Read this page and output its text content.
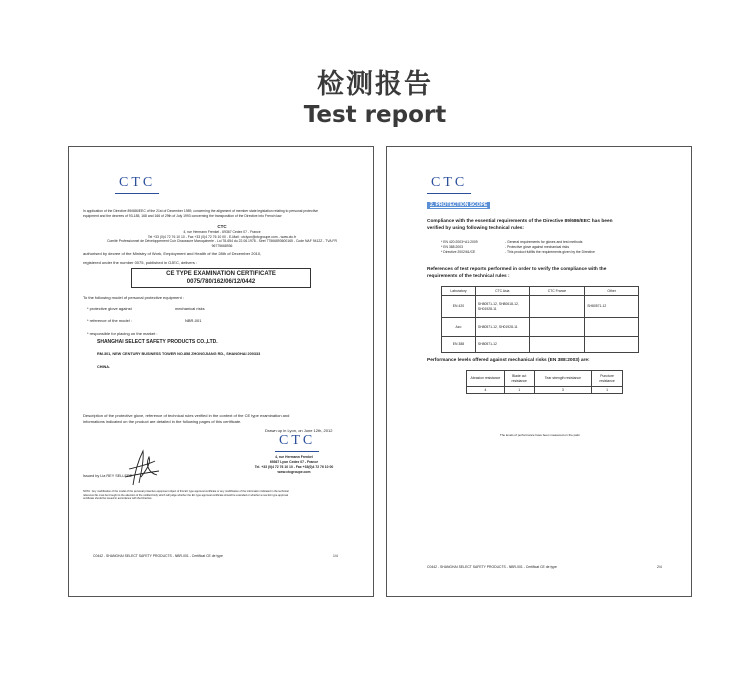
检测报告
Test report
CTC
In application of the Directive 89/686/EEC of the 21st of December 1989, concerning the alignment of member state legislation relating to personal protective
equipment and the decrees of 93-185, 168 and 166 of 29th of July 1993 concerning the transposition of the Directive into French law
CTC
4, rue Hermann Frenkel - 69367 Cedex 07 - France
Tel +33 (0)4 72 76 10 10 - Fax +33 (0)4 72 76 10 00 - E-Mail : ctclyon@ctcgroupe.com - www.ctc.fr
Comité Professionnel de Développement Cuir Chaussure Maroquinerie - Loi 78-654 du 22.06.1978 - Siret 77566893600165 - Code NAF 9412Z - TVA FR
96775668936
authorised by decree of the Ministry of Work, Employment and Health of the 28th of December 2010,
registered under the number 0075, published in OJEC, delivers :
CE TYPE EXAMINATION CERTIFICATE
0075/780/162/06/12/0442
To the following model of personal protective equipment :
* protective glove against	mechanical risks
* reference of the model :	NBR-001
* responsible for placing on the market :
SHANGHAI SELECT SAFETY PRODUCTS CO.,LTD.
RM.301, NEW CENTURY BUSINESS TOWER NO.858 ZHONGJIANG RD., SHANGHAI 200333
CHINA.
Description of the protective glove, reference of technical rules verified in the context of the CE type examination and
informations indicated on the product are detailed in the following pages of this certificate.
Drawn up in Lyon, on June 12th, 2012
CTC
4, rue Hermann Frenkel
69367 Lyon Cedex 07 - France
Tel. +33 (0)4 72 76 10 10 - Fax +33(0)4 72 76 10 00
www.ctcgroupe.com
Issued by Lia REY SELLERE
NOTA : Any modification of the model of the personal protective equipment object of this EC type approval certificate or any modification of the information indicated in the technical
reference file must be brought to the attention of the notified body which will judge whether the EC type approval certificate should be extended or whether a new EC type approval
certificate should be issued in accordance with the Directive.
C0442 - SHANGHAI SELECT SAFETY PRODUCTS - NBR-001 - Certificat CE de type	1/4
CTC
2. PROTECTION SCOPE
Compliance with the essential requirements of the Directive 89/686/EEC has been
verified by using following technical rules:
* EN 420:2003+A1:2009	- General requirements for gloves and test methods
* EN 388:2003	- Protective glove against mechanical risks
* Directive 2002/61/CE	- This product fulfills the requirements given by the Directive
References of test reports performed in order to verify the compliance with the
requirements of the technical rules :
Laboratory	CTC Asia	CTC France	Other
EN 420	SH80571-12, SH80618-12, SH01928-11		SH80571-12
Azo	SH80571-12, SH01928-11		
EN 388	SH80571-12		
Performance levels offered against mechanical risks (EN 388:2003) are:
Abrasion resistance	Blade cut resistance	Tear strength resistance	Puncture resistance
4	1	3	1
The levels of performance have been measured on the palm
C0442 - SHANGHAI SELECT SAFETY PRODUCTS - NBR-001 - Certificat CE de type	2/4
